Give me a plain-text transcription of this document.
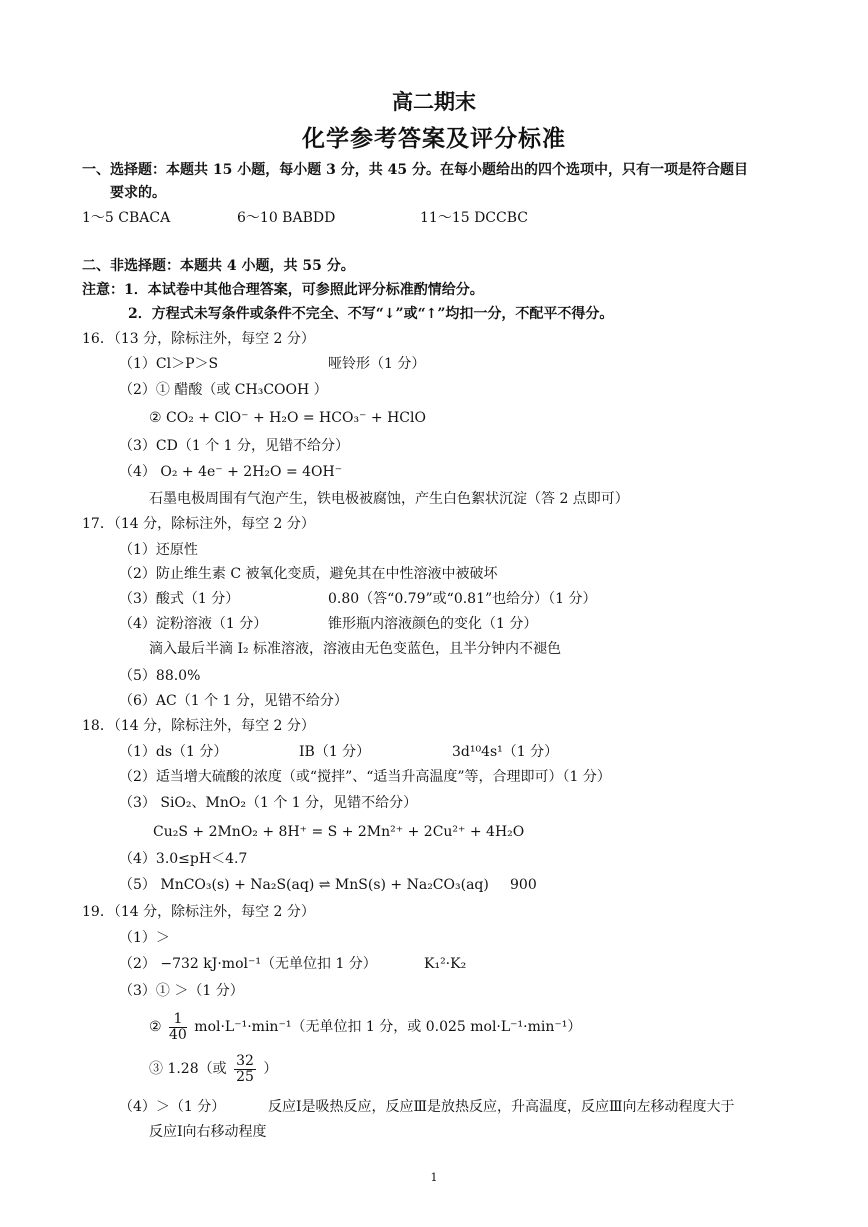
高二期末
化学参考答案及评分标准
一、选择题：本题共 15 小题，每小题 3 分，共 45 分。在每小题给出的四个选项中，只有一项是符合题目
要求的。
1～5 CBACA	6～10 BABDD	11～15 DCCBC
二、非选择题：本题共 4 小题，共 55 分。
注意：1．本试卷中其他合理答案，可参照此评分标准酌情给分。
2．方程式未写条件或条件不完全、不写“↓”或“↑”均扣一分，不配平不得分。
16．（13 分，除标注外，每空 2 分）
（1）Cl＞P＞S	哑铃形（1 分）
（2）① 醋酸（或 CH₃COOH ）
② CO₂ + ClO⁻ + H₂O = HCO₃⁻ + HClO
（3）CD（1 个 1 分，见错不给分）
（4） O₂ + 4e⁻ + 2H₂O = 4OH⁻
石墨电极周围有气泡产生，铁电极被腐蚀，产生白色絮状沉淀（答 2 点即可）
17．（14 分，除标注外，每空 2 分）
（1）还原性
（2）防止维生素 C 被氧化变质，避免其在中性溶液中被破坏
（3）酸式（1 分）	0.80（答“0.79”或“0.81”也给分）（1 分）
（4）淀粉溶液（1 分）	锥形瓶内溶液颜色的变化（1 分）
滴入最后半滴 I₂ 标准溶液，溶液由无色变蓝色，且半分钟内不褪色
（5）88.0%
（6）AC（1 个 1 分，见错不给分）
18．（14 分，除标注外，每空 2 分）
（1）ds（1 分）	ⅠB（1 分）	3d¹⁰4s¹（1 分）
（2）适当增大硫酸的浓度（或“搅拌”、“适当升高温度”等，合理即可）（1 分）
（3） SiO₂、MnO₂（1 个 1 分，见错不给分）
Cu₂S + 2MnO₂ + 8H⁺ = S + 2Mn²⁺ + 2Cu²⁺ + 4H₂O
（4）3.0≤pH＜4.7
（5） MnCO₃(s) + Na₂S(aq) ⇌ MnS(s) + Na₂CO₃(aq) 900
19．（14 分，除标注外，每空 2 分）
（1）＞
（2） −732 kJ·mol⁻¹（无单位扣 1 分）	K₁²·K₂
（3）① ＞（1 分）
② $\frac{1}{40} mol\cdot L^{-1}\cdot\min^{-1}$（无单位扣 1 分，或 0.025 mol·L⁻¹·min⁻¹）
③ 1.28（或 $\frac{32}{25}$ ）
（4）＞（1 分）	反应Ⅰ是吸热反应，反应Ⅲ是放热反应，升高温度，反应Ⅲ向左移动程度大于
反应Ⅰ向右移动程度
1
